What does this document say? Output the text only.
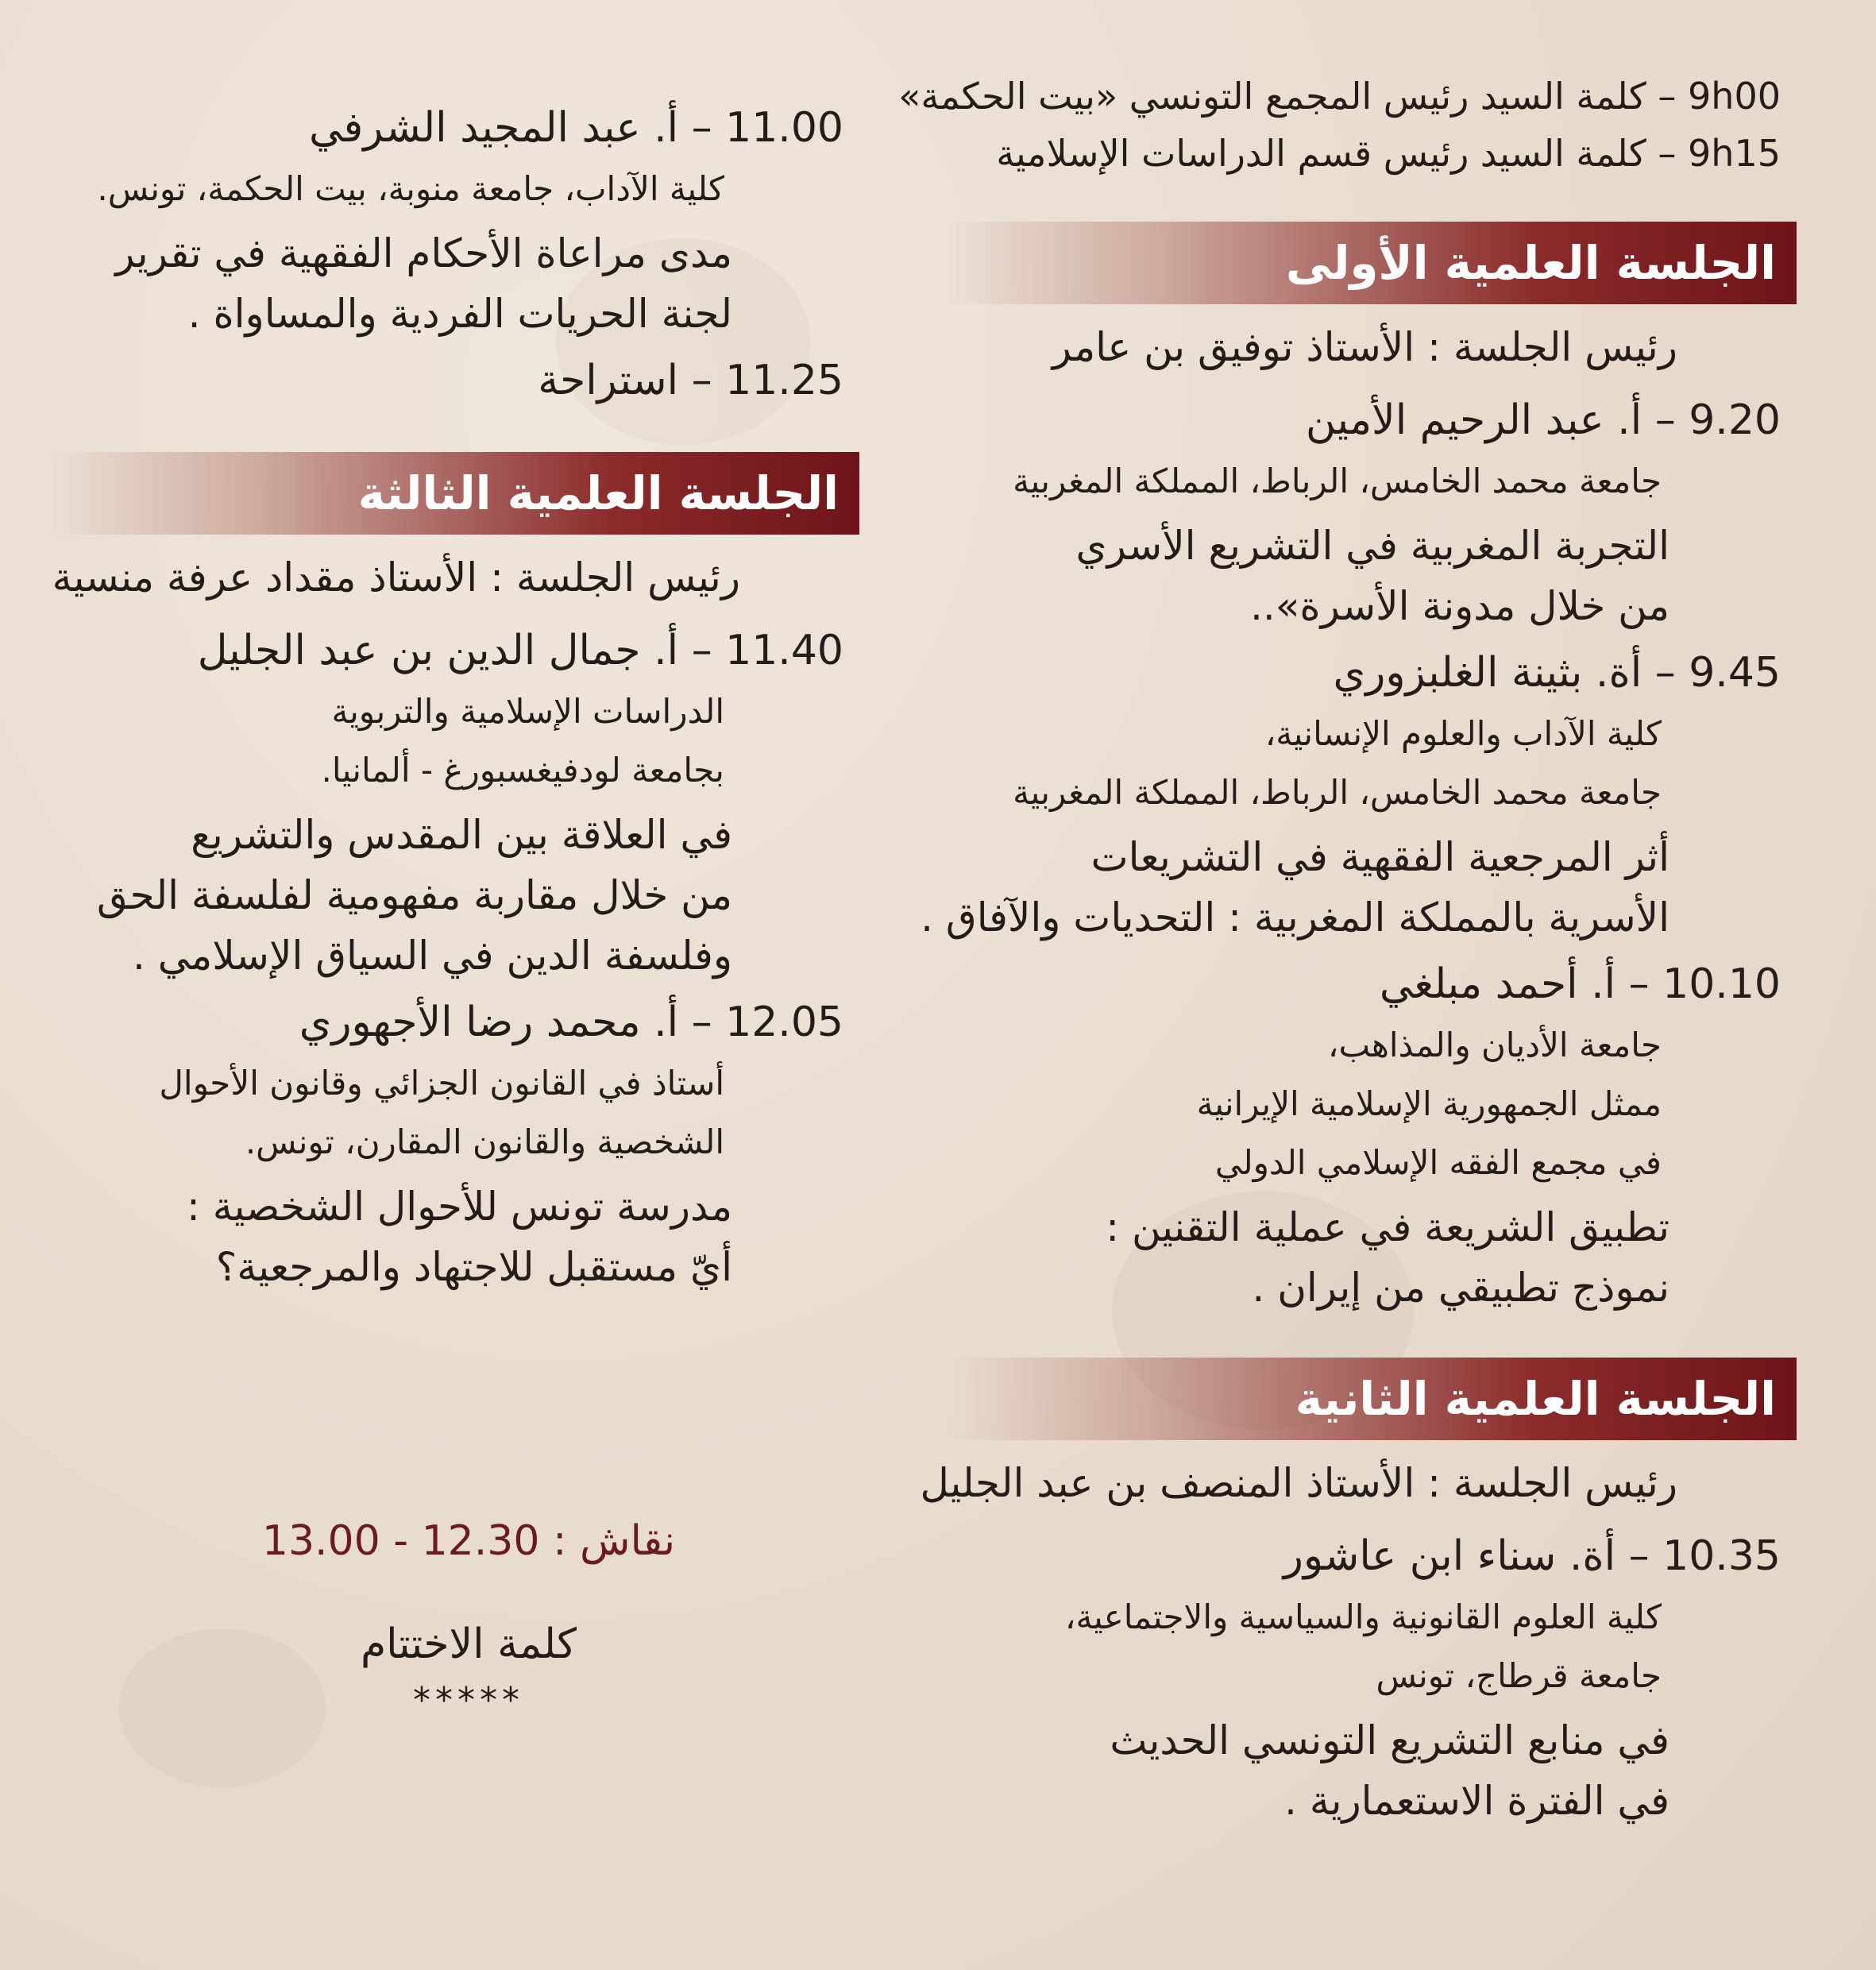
9h00 – كلمة السيد رئيس المجمع التونسي «بيت الحكمة»
9h15 – كلمة السيد رئيس قسم الدراسات الإسلامية
الجلسة العلمية الأولى
رئيس الجلسة : الأستاذ توفيق بن عامر
9.20 – أ. عبد الرحيم الأمين
جامعة محمد الخامس، الرباط، المملكة المغربية
التجربة المغربية في التشريع الأسري
من خلال مدونة الأسرة»..
9.45 – أة. بثينة الغلبزوري
كلية الآداب والعلوم الإنسانية،
جامعة محمد الخامس، الرباط، المملكة المغربية
أثر المرجعية الفقهية في التشريعات
الأسرية بالمملكة المغربية : التحديات والآفاق .
10.10 – أ. أحمد مبلغي
جامعة الأديان والمذاهب،
ممثل الجمهورية الإسلامية الإيرانية
في مجمع الفقه الإسلامي الدولي
تطبيق الشريعة في عملية التقنين :
نموذج تطبيقي من إيران .
الجلسة العلمية الثانية
رئيس الجلسة : الأستاذ المنصف بن عبد الجليل
10.35 – أة. سناء ابن عاشور
كلية العلوم القانونية والسياسية والاجتماعية،
جامعة قرطاج، تونس
في منابع التشريع التونسي الحديث
في الفترة الاستعمارية .
11.00 – أ. عبد المجيد الشرفي
كلية الآداب، جامعة منوبة، بيت الحكمة، تونس.
مدى مراعاة الأحكام الفقهية في تقرير
لجنة الحريات الفردية والمساواة .
11.25 – استراحة
الجلسة العلمية الثالثة
رئيس الجلسة : الأستاذ مقداد عرفة منسية
11.40 – أ. جمال الدين بن عبد الجليل
الدراسات الإسلامية والتربوية
بجامعة لودفيغسبورغ - ألمانيا.
في العلاقة بين المقدس والتشريع
من خلال مقاربة مفهومية لفلسفة الحق
وفلسفة الدين في السياق الإسلامي .
12.05 – أ. محمد رضا الأجهوري
أستاذ في القانون الجزائي وقانون الأحوال
الشخصية والقانون المقارن، تونس.
مدرسة تونس للأحوال الشخصية :
أيّ مستقبل للاجتهاد والمرجعية؟
نقاش : 12.30 - 13.00
كلمة الاختتام
*****
